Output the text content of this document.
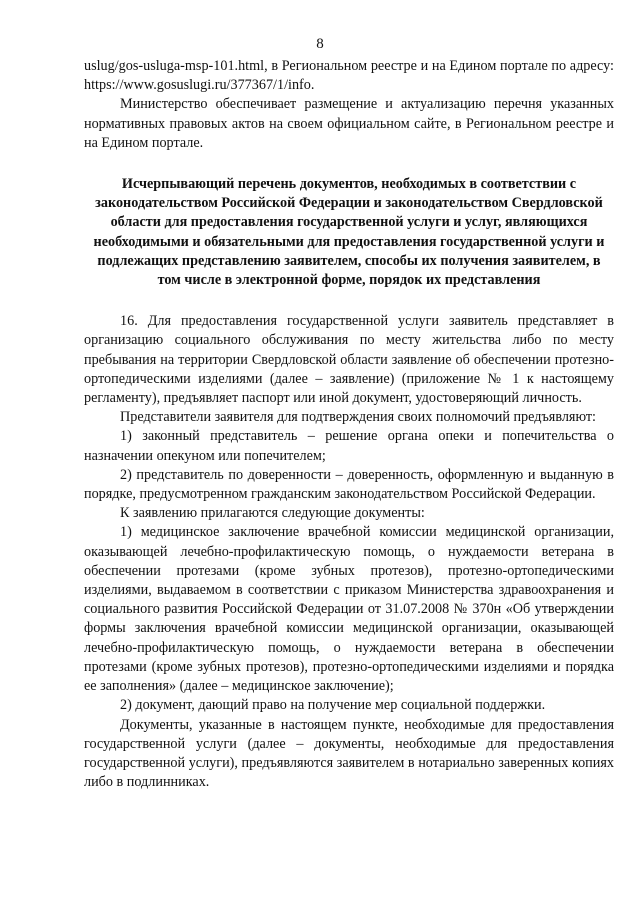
8

uslug/gos-usluga-msp-101.html, в Региональном реестре и на Едином портале по адресу: https://www.gosuslugi.ru/377367/1/info.

Министерство обеспечивает размещение и актуализацию перечня указанных нормативных правовых актов на своем официальном сайте, в Региональном реестре и на Едином портале.

Исчерпывающий перечень документов, необходимых в соответствии с законодательством Российской Федерации и законодательством Свердловской области для предоставления государственной услуги и услуг, являющихся необходимыми и обязательными для предоставления государственной услуги и подлежащих представлению заявителем, способы их получения заявителем, в том числе в электронной форме, порядок их представления

16. Для предоставления государственной услуги заявитель представляет в организацию социального обслуживания по месту жительства либо по месту пребывания на территории Свердловской области заявление об обеспечении протезно-ортопедическими изделиями (далее – заявление) (приложение № 1 к настоящему регламенту), предъявляет паспорт или иной документ, удостоверяющий личность.

Представители заявителя для подтверждения своих полномочий предъявляют:

1) законный представитель – решение органа опеки и попечительства о назначении опекуном или попечителем;

2) представитель по доверенности – доверенность, оформленную и выданную в порядке, предусмотренном гражданским законодательством Российской Федерации.

К заявлению прилагаются следующие документы:

1) медицинское заключение врачебной комиссии медицинской организации, оказывающей лечебно-профилактическую помощь, о нуждаемости ветерана в обеспечении протезами (кроме зубных протезов), протезно-ортопедическими изделиями, выдаваемом в соответствии с приказом Министерства здравоохранения и социального развития Российской Федерации от 31.07.2008 № 370н «Об утверждении формы заключения врачебной комиссии медицинской организации, оказывающей лечебно-профилактическую помощь, о нуждаемости ветерана в обеспечении протезами (кроме зубных протезов), протезно-ортопедическими изделиями и порядка ее заполнения» (далее – медицинское заключение);

2) документ, дающий право на получение мер социальной поддержки.

Документы, указанные в настоящем пункте, необходимые для предоставления государственной услуги (далее – документы, необходимые для предоставления государственной услуги), предъявляются заявителем в нотариально заверенных копиях либо в подлинниках.
